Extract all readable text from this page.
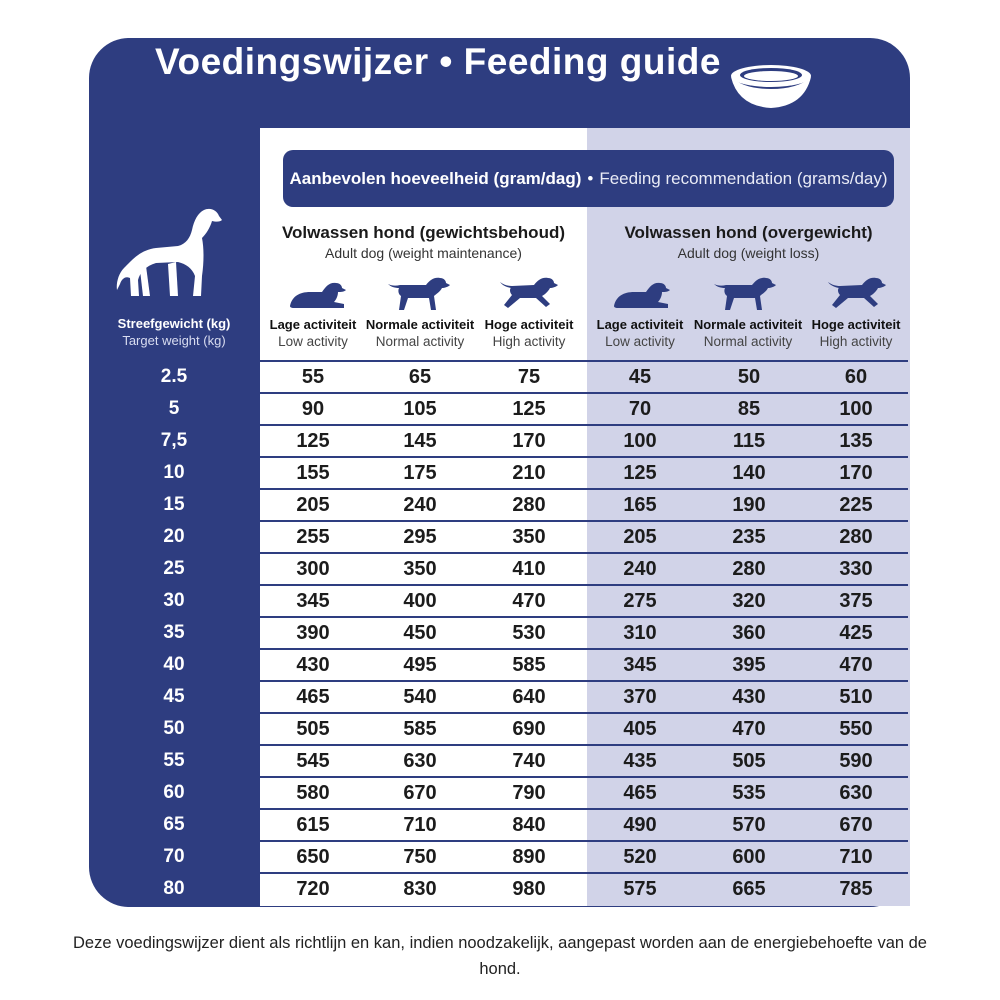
Voedingswijzer • Feeding guide
Streefgewicht (kg)
Target weight (kg)
Aanbevolen hoeveelheid (gram/dag) • Feeding recommendation (grams/day)
Volwassen hond (gewichtsbehoud)
Adult dog (weight maintenance)
Volwassen hond (overgewicht)
Adult dog (weight loss)
Lage activiteit
Low activity
Normale activiteit
Normal activity
Hoge activiteit
High activity
Lage activiteit
Low activity
Normale activiteit
Normal activity
Hoge activiteit
High activity
2.5	55	65	75	45	50	60
5	90	105	125	70	85	100
7,5	125	145	170	100	115	135
10	155	175	210	125	140	170
15	205	240	280	165	190	225
20	255	295	350	205	235	280
25	300	350	410	240	280	330
30	345	400	470	275	320	375
35	390	450	530	310	360	425
40	430	495	585	345	395	470
45	465	540	640	370	430	510
50	505	585	690	405	470	550
55	545	630	740	435	505	590
60	580	670	790	465	535	630
65	615	710	840	490	570	670
70	650	750	890	520	600	710
80	720	830	980	575	665	785
Deze voedingswijzer dient als richtlijn en kan, indien noodzakelijk, aangepast worden aan de energiebehoefte van de hond.
